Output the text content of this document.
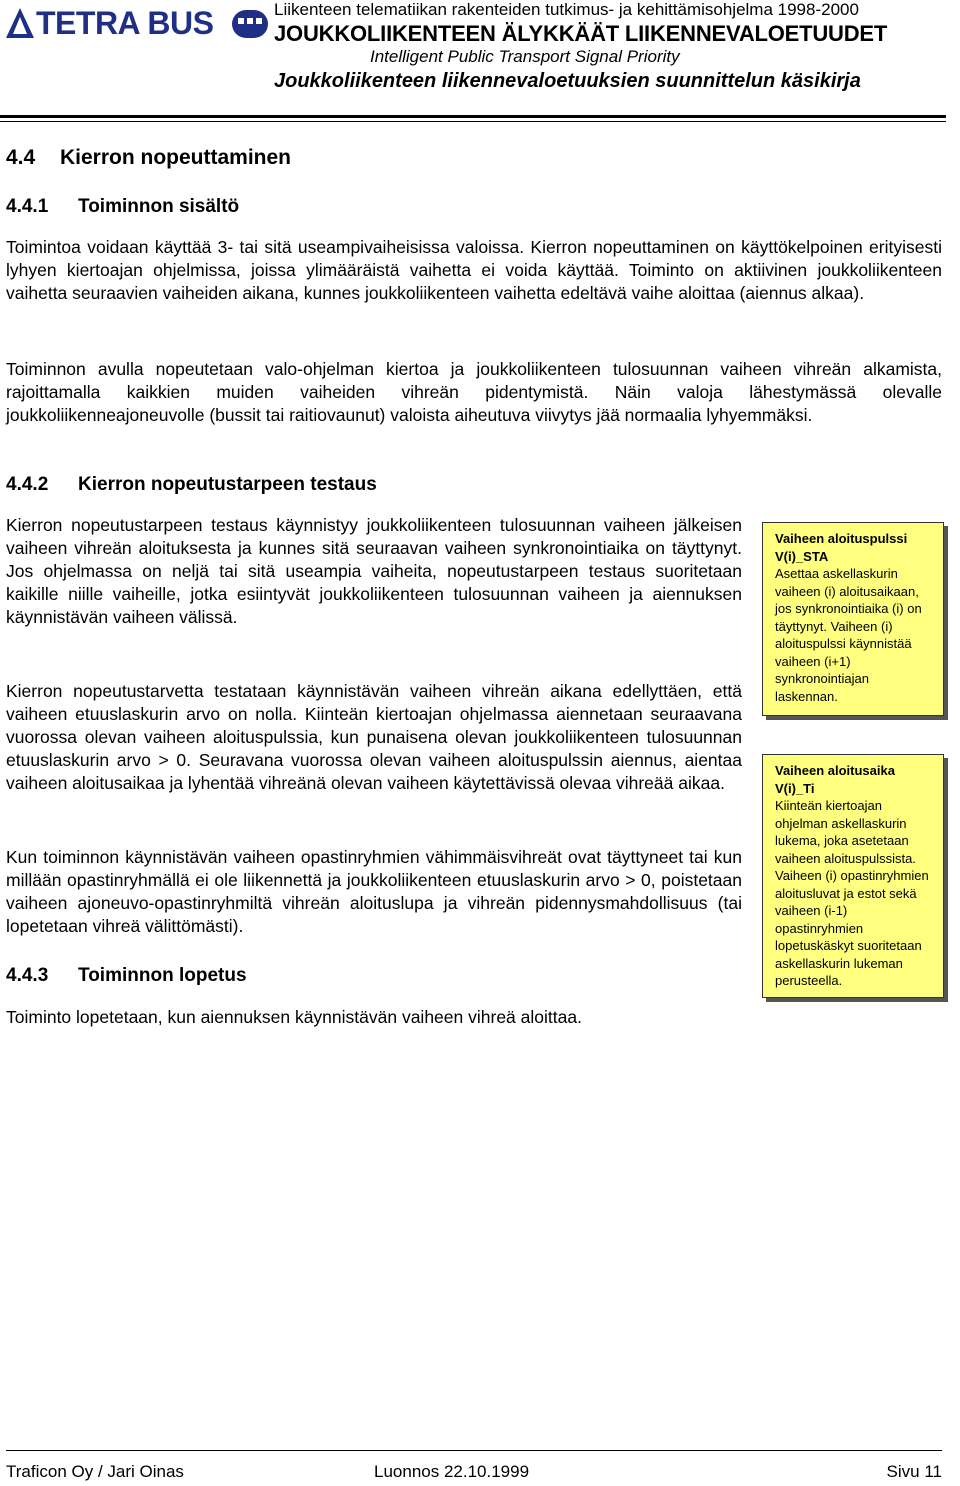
TETRA BUS	Liikenteen telematiikan rakenteiden tutkimus- ja kehittämisohjelma 1998-2000
JOUKKOLIIKENTEEN ÄLYKKÄÄT LIIKENNEVALOETUUDET
Intelligent Public Transport Signal Priority
Joukkoliikenteen liikennevaloetuuksien suunnittelun käsikirja
4.4 Kierron nopeuttaminen
4.4.1 Toiminnon sisältö

Toimintoa voidaan käyttää 3- tai sitä useampivaiheisissa valoissa. Kierron nopeuttaminen on käyttökelpoinen erityisesti lyhyen kiertoajan ohjelmissa, joissa ylimääräistä vaihetta ei voida käyttää. Toiminto on aktiivinen joukkoliikenteen vaihetta seuraavien vaiheiden aikana, kunnes joukkoliikenteen vaihetta edeltävä vaihe aloittaa (aiennus alkaa).

Toiminnon avulla nopeutetaan valo-ohjelman kiertoa ja joukkoliikenteen tulosuunnan vaiheen vihreän alkamista, rajoittamalla kaikkien muiden vaiheiden vihreän pidentymistä. Näin valoja lähestymässä olevalle joukkoliikenneajoneuvolle (bussit tai raitiovaunut) valoista aiheutuva viivytys jää normaalia lyhyemmäksi.

4.4.2 Kierron nopeutustarpeen testaus

Kierron nopeutustarpeen testaus käynnistyy joukkoliikenteen tulosuunnan vaiheen jälkeisen vaiheen vihreän aloituksesta ja kunnes sitä seuraavan vaiheen synkronointiaika on täyttynyt. Jos ohjelmassa on neljä tai sitä useampia vaiheita, nopeutustarpeen testaus suoritetaan kaikille niille vaiheille, jotka esiintyvät joukkoliikenteen tulosuunnan vaiheen ja aiennuksen käynnistävän vaiheen välissä.

Kierron nopeutustarvetta testataan käynnistävän vaiheen vihreän aikana edellyttäen, että vaiheen etuuslaskurin arvo on nolla. Kiinteän kiertoajan ohjelmassa aiennetaan seuraavana vuorossa olevan vaiheen aloituspulssia, kun punaisena olevan joukkoliikenteen tulosuunnan etuuslaskurin arvo > 0. Seuravana vuorossa olevan vaiheen aloituspulssin aiennus, aientaa vaiheen aloitusaikaa ja lyhentää vihreänä olevan vaiheen käytettävissä olevaa vihreää aikaa.

Kun toiminnon käynnistävän vaiheen opastinryhmien vähimmäisvihreät ovat täyttyneet tai kun millään opastinryhmällä ei ole liikennettä ja joukkoliikenteen etuuslaskurin arvo > 0, poistetaan vaiheen ajoneuvo-opastinryhmiltä vihreän aloituslupa ja vihreän pidennysmahdollisuus (tai lopetetaan vihreä välittömästi).

4.4.3 Toiminnon lopetus

Toiminto lopetetaan, kun aiennuksen käynnistävän vaiheen vihreä aloittaa.

Vaiheen aloituspulssi
V(i)_STA
Asettaa askellaskurin vaiheen (i) aloitusaikaan, jos synkronointiaika (i) on täyttynyt. Vaiheen (i) aloituspulssi käynnistää vaiheen (i+1) synkronointiajan laskennan.
Vaiheen aloitusaika
V(i)_Ti
Kiinteän kiertoajan ohjelman askellaskurin lukema, joka asetetaan vaiheen aloituspulssista. Vaiheen (i) opastinryhmien aloitusluvat ja estot sekä vaiheen (i-1) opastinryhmien lopetuskäskyt suoritetaan askellaskurin lukeman perusteella.
Traficon Oy / Jari Oinas	Luonnos 22.10.1999	Sivu 11
